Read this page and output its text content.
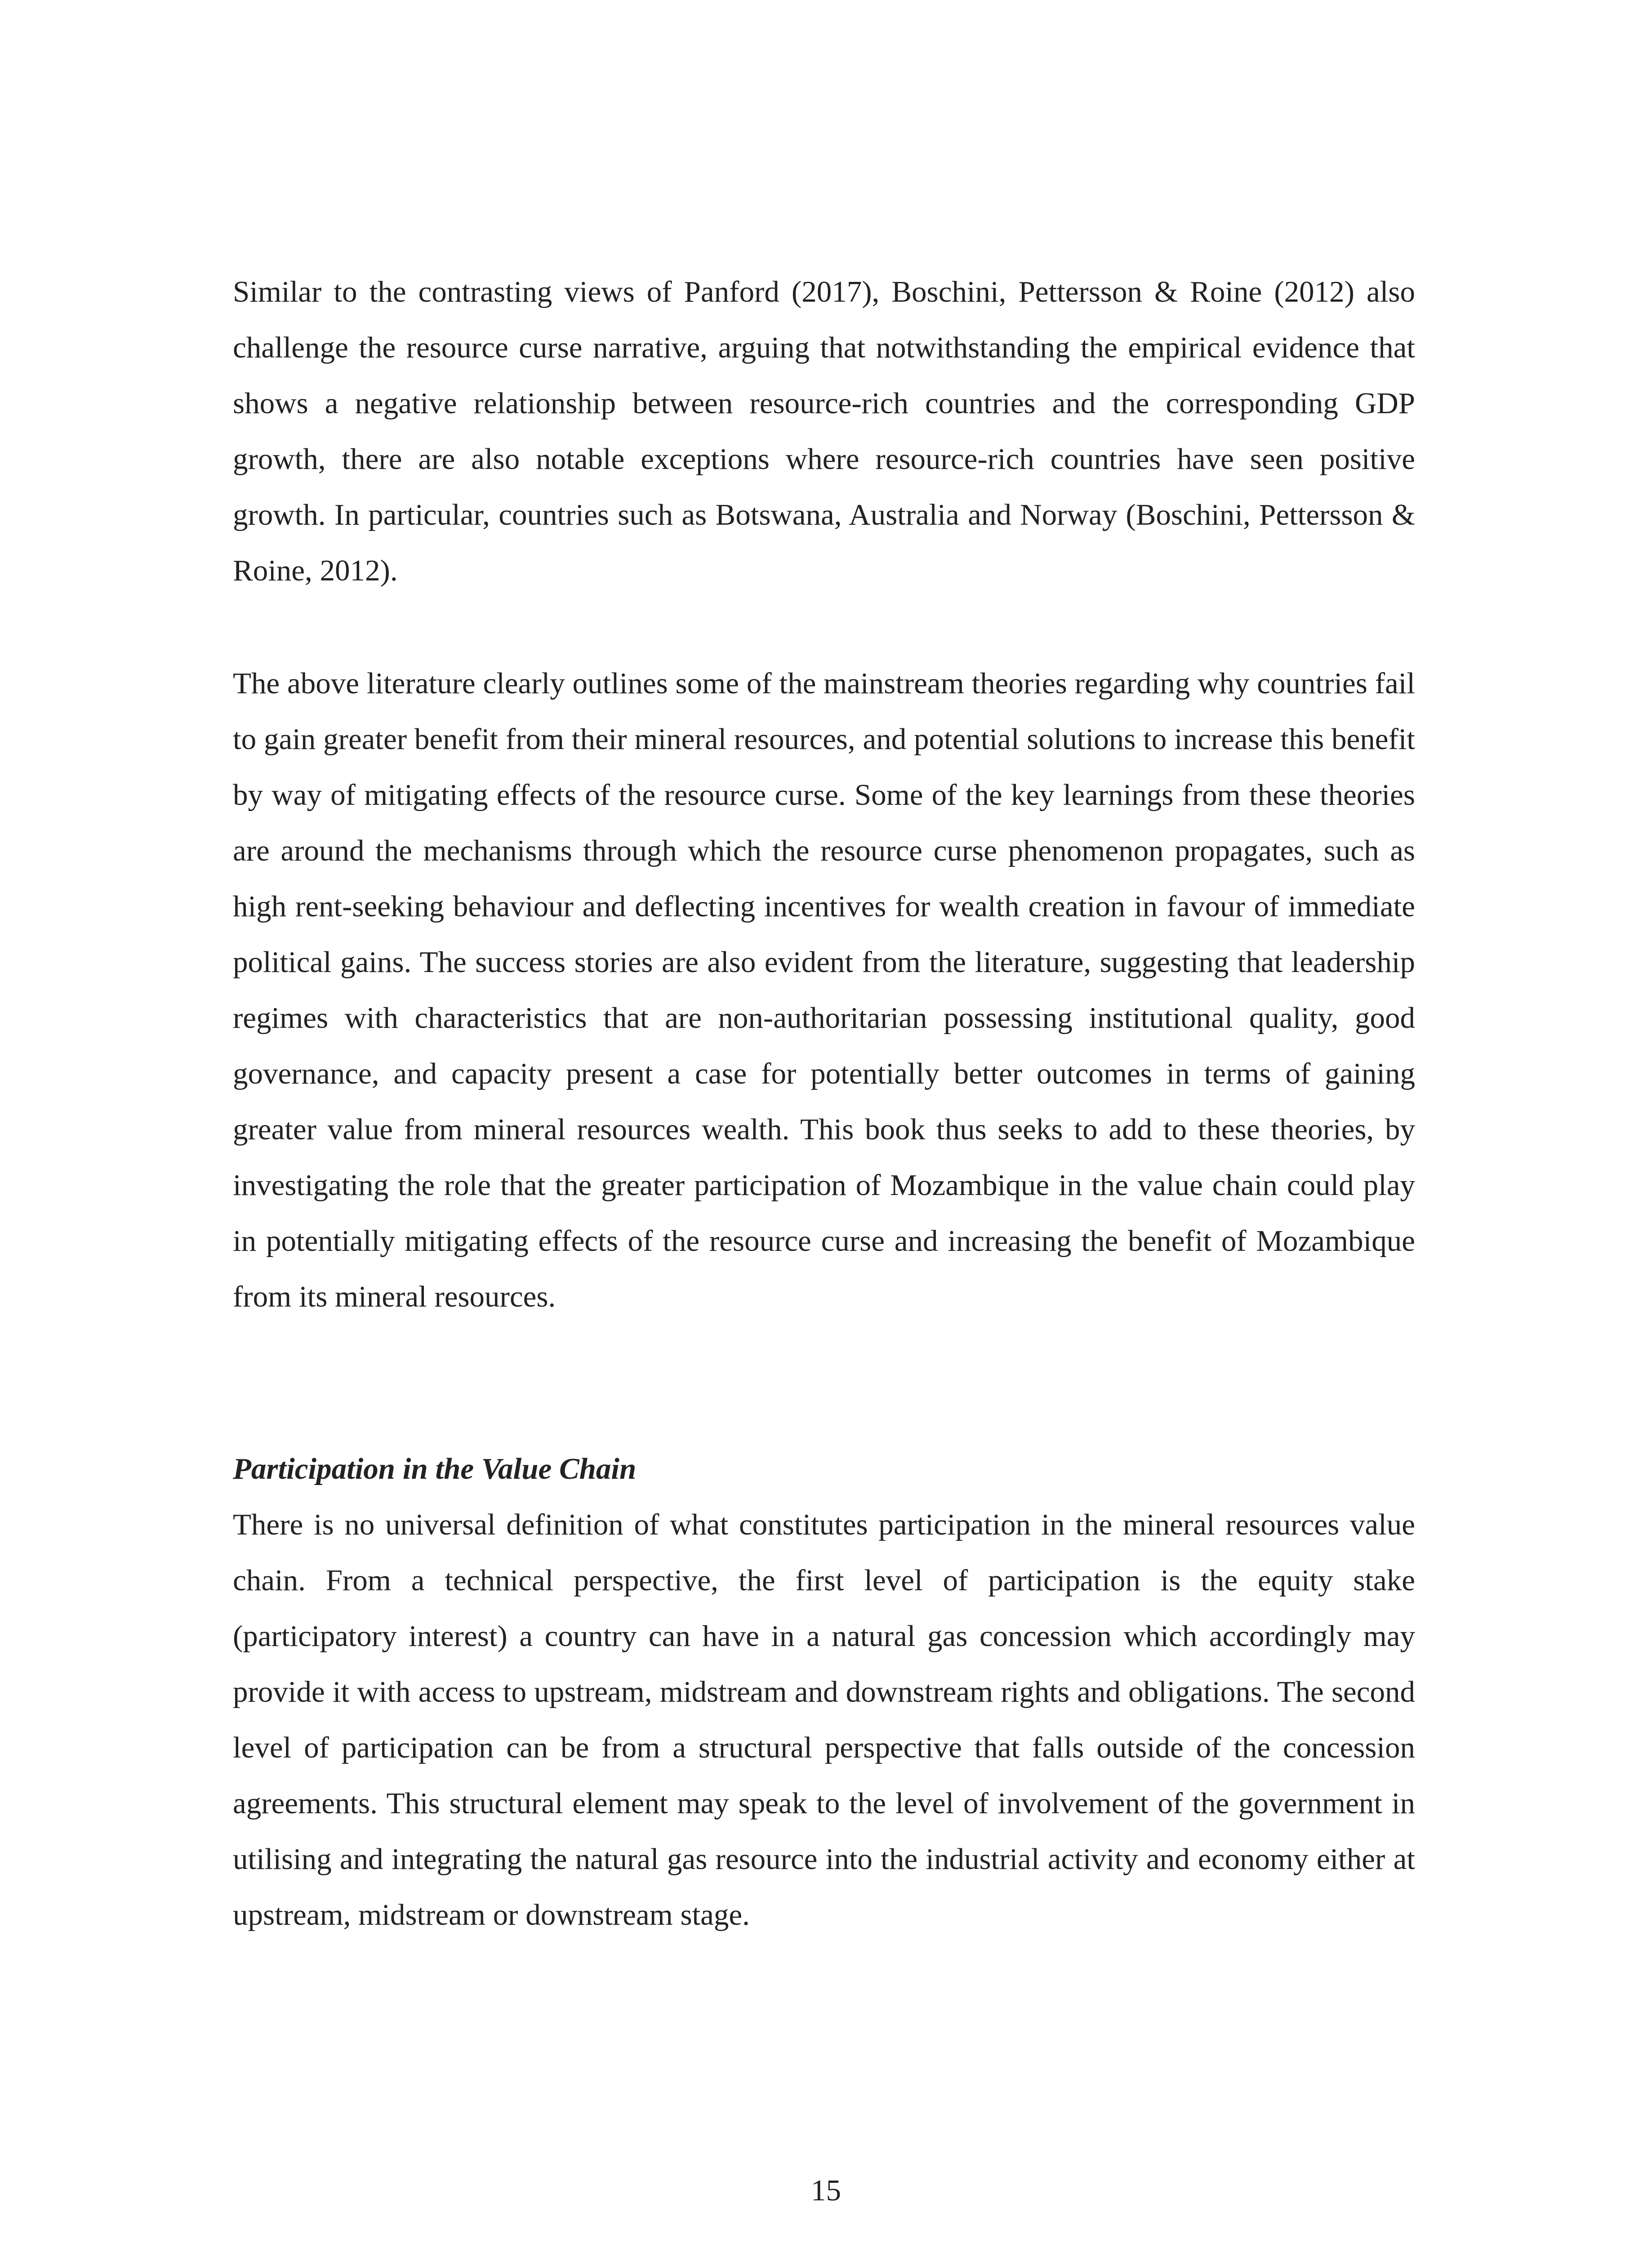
Similar to the contrasting views of Panford (2017), Boschini, Pettersson & Roine (2012) also challenge the resource curse narrative, arguing that notwithstanding the empirical evidence that shows a negative relationship between resource-rich countries and the corresponding GDP growth, there are also notable exceptions where resource-rich countries have seen positive growth. In particular, countries such as Botswana, Australia and Norway (Boschini, Pettersson & Roine, 2012).

The above literature clearly outlines some of the mainstream theories regarding why countries fail to gain greater benefit from their mineral resources, and potential solutions to increase this benefit by way of mitigating effects of the resource curse. Some of the key learnings from these theories are around the mechanisms through which the resource curse phenomenon propagates, such as high rent-seeking behaviour and deflecting incentives for wealth creation in favour of immediate political gains. The success stories are also evident from the literature, suggesting that leadership regimes with characteristics that are non-authoritarian possessing institutional quality, good governance, and capacity present a case for potentially better outcomes in terms of gaining greater value from mineral resources wealth. This book thus seeks to add to these theories, by investigating the role that the greater participation of Mozambique in the value chain could play in potentially mitigating effects of the resource curse and increasing the benefit of Mozambique from its mineral resources.

Participation in the Value Chain

There is no universal definition of what constitutes participation in the mineral resources value chain. From a technical perspective, the first level of participation is the equity stake (participatory interest) a country can have in a natural gas concession which accordingly may provide it with access to upstream, midstream and downstream rights and obligations. The second level of participation can be from a structural perspective that falls outside of the concession agreements. This structural element may speak to the level of involvement of the government in utilising and integrating the natural gas resource into the industrial activity and economy either at upstream, midstream or downstream stage.

15
